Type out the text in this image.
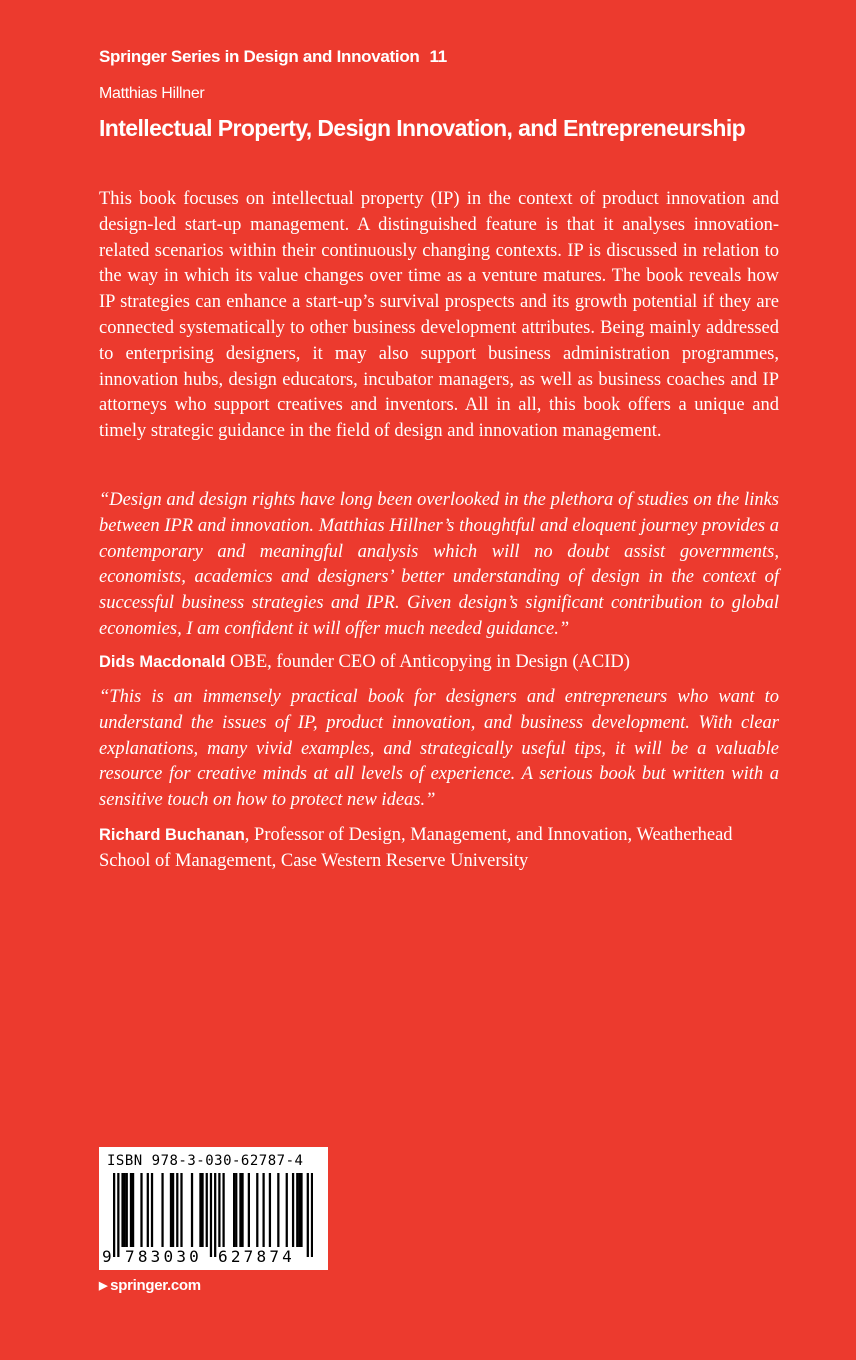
Springer Series in Design and Innovation 11
Matthias Hillner
Intellectual Property, Design Innovation, and Entrepreneurship

This book focuses on intellectual property (IP) in the context of product innovation and design-led start-up management. A distinguished feature is that it analyses innovation-related scenarios within their continuously changing contexts. IP is discussed in relation to the way in which its value changes over time as a venture matures. The book reveals how IP strategies can enhance a start-up’s survival prospects and its growth potential if they are connected systematically to other business development attributes. Being mainly addressed to enterprising designers, it may also support business administration programmes, innovation hubs, design educators, incubator managers, as well as business coaches and IP attorneys who support creatives and inventors. All in all, this book offers a unique and timely strategic guidance in the field of design and innovation management.

“Design and design rights have long been overlooked in the plethora of studies on the links between IPR and innovation. Matthias Hillner’s thoughtful and eloquent journey provides a contemporary and meaningful analysis which will no doubt assist governments, economists, academics and designers’ better understanding of design in the context of successful business strategies and IPR. Given design’s significant contribution to global economies, I am confident it will offer much needed guidance.”

Dids Macdonald OBE, founder CEO of Anticopying in Design (ACID)

“This is an immensely practical book for designers and entrepreneurs who want to understand the issues of IP, product innovation, and business development. With clear explanations, many vivid examples, and strategically useful tips, it will be a valuable resource for creative minds at all levels of experience. A serious book but written with a sensitive touch on how to protect new ideas.”

Richard Buchanan, Professor of Design, Management, and Innovation, Weatherhead School of Management, Case Western Reserve University

ISBN 978-3-030-62787-4
9 783030 627874
▶ springer.com
